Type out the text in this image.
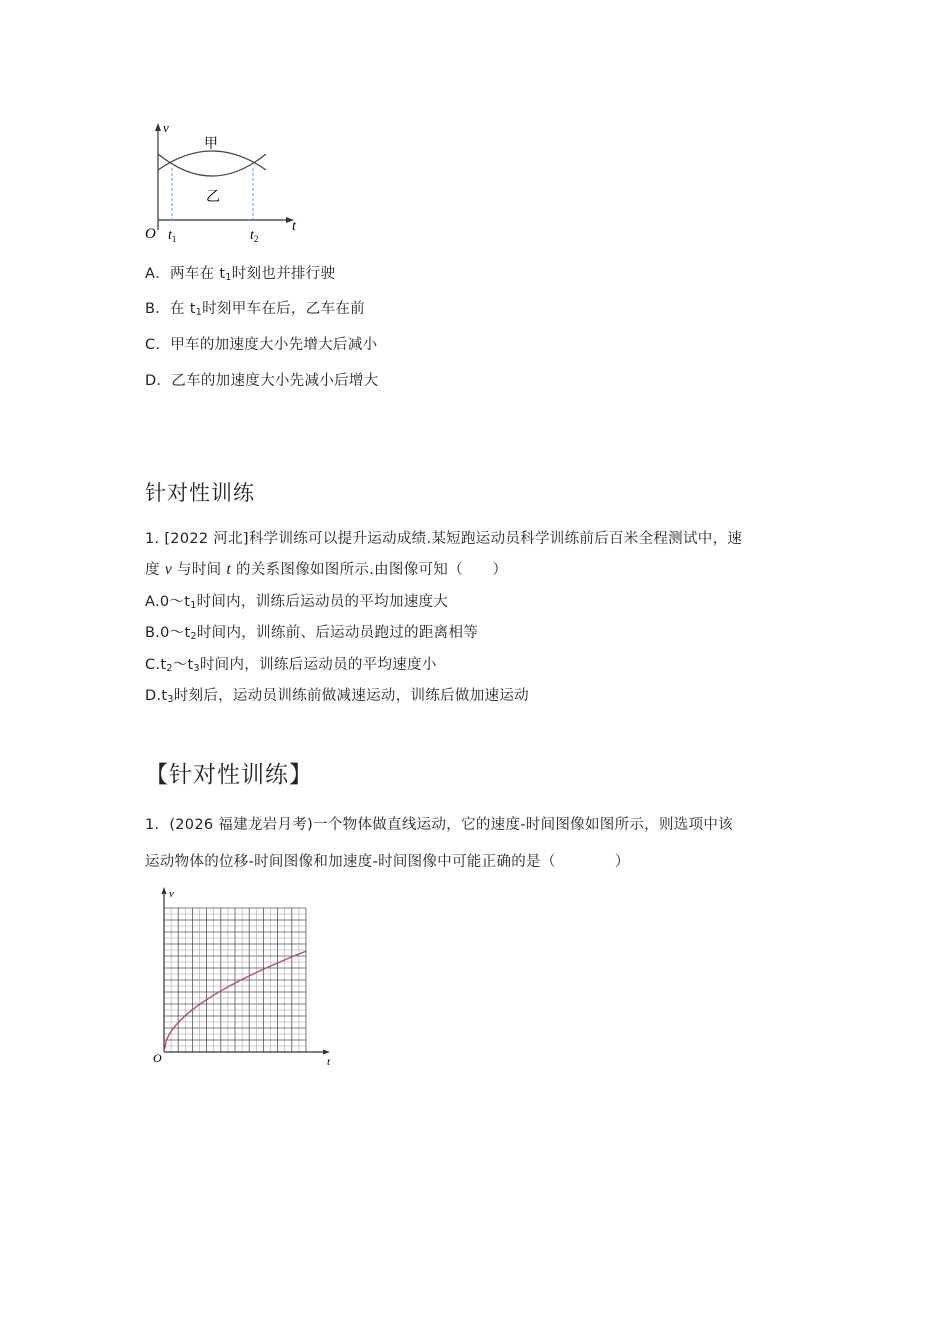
v
t
O
甲
乙
$t_1$	$t_2$
A．两车在 $t_1$时刻也并排行驶
B．在 $t_1$时刻甲车在后，乙车在前
C．甲车的加速度大小先增大后减小
D．乙车的加速度大小先减小后增大
针对性训练
1. [2022 河北]科学训练可以提升运动成绩.某短跑运动员科学训练前后百米全程测试中，速
度 v 与时间 t 的关系图像如图所示.由图像可知（　　）
$A.0\sim t_1$时间内，训练后运动员的平均加速度大
$B.0\sim t_2$时间内，训练前、后运动员跑过的距离相等
$C.t_2\sim t_3$时间内，训练后运动员的平均速度小
$D.t_3$时刻后，运动员训练前做减速运动，训练后做加速运动
【针对性训练】
1．(2026 福建龙岩月考)一个物体做直线运动，它的速度-时间图像如图所示，则选项中该
运动物体的位移-时间图像和加速度-时间图像中可能正确的是（　　　　）
v
t
O
